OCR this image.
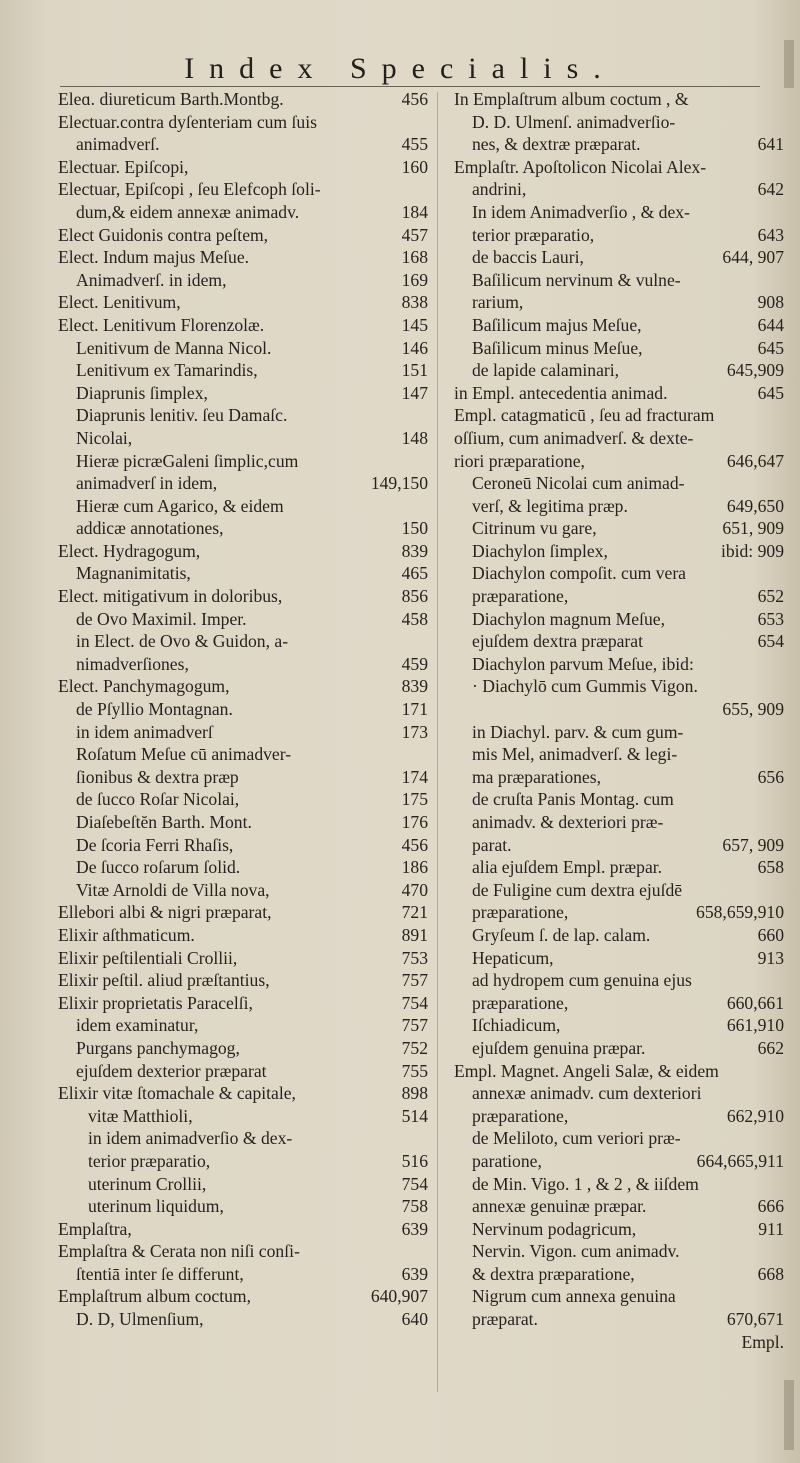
Index Specialis.
Eleɑ. diureticum Barth.Montbg.	456
Electuar.contra dyſenteriam cum ſuis
animadverſ.	455
Electuar. Epiſcopi,	160
Electuar, Epiſcopi , ſeu Elefcoph ſoli-
dum,& eidem annexæ animadv.	184
Elect Guidonis contra peſtem,	457
Elect. Indum majus Meſue.	168
Animadverſ. in idem,	169
Elect. Lenitivum,	838
Elect. Lenitivum Florenzolæ.	145
Lenitivum de Manna Nicol.	146
Lenitivum ex Tamarindis,	151
Diaprunis ſimplex,	147
Diaprunis lenitiv. ſeu Damaſc.
Nicolai,	148
Hieræ picræGaleni ſimplic,cum
animadverſ in idem,	149,150
Hieræ cum Agarico, & eidem
addicæ annotationes,	150
Elect. Hydragogum,	839
Magnanimitatis,	465
Elect. mitigativum in doloribus,	856
de Ovo Maximil. Imper.	458
in Elect. de Ovo & Guidon, a-
nimadverſiones,	459
Elect. Panchymagogum,	839
de Pſyllio Montagnan.	171
in idem animadverſ	173
Roſatum Meſue cū animadver-
ſionibus & dextra præp	174
de ſucco Roſar Nicolai,	175
Diaſebeſtĕn Barth. Mont.	176
De ſcoria Ferri Rhaſis,	456
De ſucco roſarum ſolid.	186
Vitæ Arnoldi de Villa nova,	470
Ellebori albi & nigri præparat,	721
Elixir aſthmaticum.	891
Elixir peſtilentiali Crollii,	753
Elixir peſtil. aliud præſtantius,	757
Elixir proprietatis Paracelſi,	754
idem examinatur,	757
Purgans panchymagog,	752
ejuſdem dexterior præparat	755
Elixir vitæ ſtomachale & capitale,	898
vitæ Matthioli,	514
in idem animadverſio & dex-
terior præparatio,	516
uterinum Crollii,	754
uterinum liquidum,	758
Emplaſtra,	639
Emplaſtra & Cerata non niſi conſi-
ſtentiā inter ſe differunt,	639
Emplaſtrum album coctum,	640,907
D. D, Ulmenſium,	640
In Emplaſtrum album coctum , &
D. D. Ulmenſ. animadverſio-
nes, & dextræ præparat.	641
Emplaſtr. Apoſtolicon Nicolai Alex-
andrini,	642
In idem Animadverſio , & dex-
terior præparatio,	643
de baccis Lauri,	644, 907
Baſilicum nervinum & vulne-
rarium,	908
Baſilicum majus Meſue,	644
Baſilicum minus Meſue,	645
de lapide calaminari,	645,909
in Empl. antecedentia animad.	645
Empl. catagmaticū , ſeu ad fracturam
oſſium, cum animadverſ. & dexte-
riori præparatione,	646,647
Ceroneū Nicolai cum animad-
verſ, & legitima præp.	649,650
Citrinum vu gare,	651, 909
Diachylon ſimplex,	ibid: 909
Diachylon compoſit. cum vera
præparatione,	652
Diachylon magnum Meſue,	653
ejuſdem dextra præparat	654
Diachylon parvum Meſue, ibid:
· Diachylō cum Gummis Vigon.
655, 909
in Diachyl. parv. & cum gum-
mis Mel, animadverſ. & legi-
ma præparationes,	656
de cruſta Panis Montag. cum
animadv. & dexteriori præ-
parat.	657, 909
alia ejuſdem Empl. præpar.	658
de Fuligine cum dextra ejuſdē
præparatione,	658,659,910
Gryſeum ſ. de lap. calam.	660
Hepaticum,	913
ad hydropem cum genuina ejus
præparatione,	660,661
Iſchiadicum,	661,910
ejuſdem genuina præpar.	662
Empl. Magnet. Angeli Salæ, & eidem
annexæ animadv. cum dexteriori
præparatione,	662,910
de Meliloto, cum veriori præ-
paratione,	664,665,911
de Min. Vigo. 1 , & 2 , & iiſdem
annexæ genuinæ præpar.	666
Nervinum podagricum,	911
Nervin. Vigon. cum animadv.
& dextra præparatione,	668
Nigrum cum annexa genuina
præparat.	670,671
Empl.
